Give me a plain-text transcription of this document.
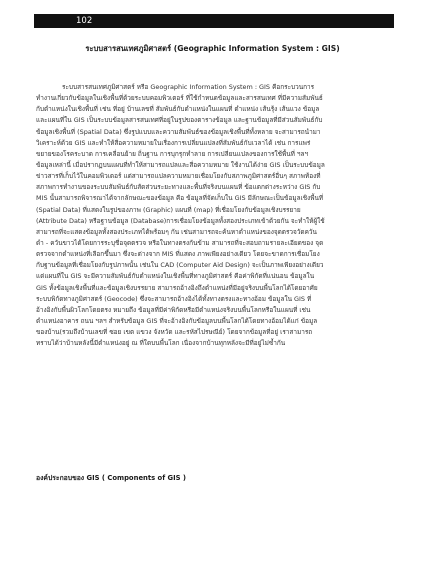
102
ระบบสารสนเทศภูมิศาสตร์ (Geographic Information System : GIS)
ระบบสารสนเทศภูมิศาสตร์ หรือ Geographic Information System : GIS คือกระบวนการ
ทำงานเกี่ยวกับข้อมูลในเชิงพื้นที่ด้วยระบบคอมพิวเตอร์ ที่ใช้กำหนดข้อมูลและสารสนเทศ ที่มีความสัมพันธ์
กับตำแหน่งในเชิงพื้นที่ เช่น ที่อยู่ บ้านเลขที่ สัมพันธ์กับตำแหน่งในแผนที่ ตำแหน่ง เส้นรุ้ง เส้นแวง ข้อมูล
และแผนที่ใน GIS เป็นระบบข้อมูลสารสนเทศที่อยู่ในรูปของตารางข้อมูล และฐานข้อมูลที่มีส่วนสัมพันธ์กับ
ข้อมูลเชิงพื้นที่ (Spatial Data) ซึ่งรูปแบบและความสัมพันธ์ของข้อมูลเชิงพื้นที่ทั้งหลาย จะสามารถนำมา
วิเคราะห์ด้วย GIS และทำให้สื่อความหมายในเรื่องการเปลี่ยนแปลงที่สัมพันธ์กับเวลาได้ เช่น การแพร่
ขยายของโรคระบาด การเคลื่อนย้าย ถิ่นฐาน การบุกรุกทำลาย การเปลี่ยนแปลงของการใช้พื้นที่ ฯลฯ
ข้อมูลเหล่านี้ เมื่อปรากฏบนแผนที่ทำให้สามารถแปลและสื่อความหมาย ใช้งานได้ง่าย GIS เป็นระบบข้อมูล
ข่าวสารที่เก็บไว้ในคอมพิวเตอร์ แต่สามารถแปลความหมายเชื่อมโยงกับสภาพภูมิศาสตร์อื่นๆ สภาพท้องที่
สภาพการทำงานของระบบสัมพันธ์กับสัดส่วนระยะทางและพื้นที่จริงบนแผนที่ ข้อแตกต่างระหว่าง GIS กับ
MIS นั้นสามารถพิจารณาได้จากลักษณะของข้อมูล คือ ข้อมูลที่จัดเก็บใน GIS มีลักษณะเป็นข้อมูลเชิงพื้นที่
(Spatial Data) ที่แสดงในรูปของภาพ (Graphic) แผนที่ (map) ที่เชื่อมโยงกับข้อมูลเชิงบรรยาย
(Attribute Data) หรือฐานข้อมูล (Database)การเชื่อมโยงข้อมูลทั้งสองประเภทเข้าด้วยกัน จะทำให้ผู้ใช้
สามารถที่จะแสดงข้อมูลทั้งสองประเภทได้พร้อมๆ กัน เช่นสามารถจะค้นหาตำแหน่งของจุดตรวจวัดควัน
ดำ - ควันขาวได้โดยการระบุชื่อจุดตรวจ หรือในทางตรงกันข้าม สามารถที่จะสอบถามรายละเอียดของ จุด
ตรวจจากตำแหน่งที่เลือกขึ้นมา ซึ่งจะต่างจาก MIS ที่แสดง ภาพเพียงอย่างเดียว โดยจะขาดการเชื่อมโยง
กับฐานข้อมูลที่เชื่อมโยงกับรูปภาพนั้น เช่นใน CAD (Computer Aid Design) จะเป็นภาพเพียงอย่างเดียว
แต่แผนที่ใน GIS จะมีความสัมพันธ์กับตำแหน่งในเชิงพื้นที่ทางภูมิศาสตร์ คือค่าพิกัดที่แน่นอน ข้อมูลใน
GIS ทั้งข้อมูลเชิงพื้นที่และข้อมูลเชิงบรรยาย สามารถอ้างอิงถึงตำแหน่งที่มีอยู่จริงบนพื้นโลกได้โดยอาศัย
ระบบพิกัดทางภูมิศาสตร์ (Geocode) ซึ่งจะสามารถอ้างอิงได้ทั้งทางตรงและทางอ้อม ข้อมูลใน GIS ที่
อ้างอิงกับพื้นผิวโลกโดยตรง หมายถึง ข้อมูลที่มีค่าพิกัดหรือมีตำแหน่งจริงบนพื้นโลกหรือในแผนที่ เช่น
ตำแหน่งอาคาร ถนน ฯลฯ สำหรับข้อมูล GIS ที่จะอ้างอิงกับข้อมูลบนพื้นโลกได้โดยทางอ้อมได้แก่ ข้อมูล
ของบ้าน(รวมถึงบ้านเลขที่ ซอย เขต แขวง จังหวัด และรหัสไปรษณีย์) โดยจากข้อมูลที่อยู่ เราสามารถ
ทราบได้ว่าบ้านหลังนี้มีตำแหน่งอยู่ ณ ที่ใดบนพื้นโลก เนื่องจากบ้านทุกหลังจะมีที่อยู่ไม่ซ้ำกัน
องค์ประกอบของ GIS ( Components of GIS )
